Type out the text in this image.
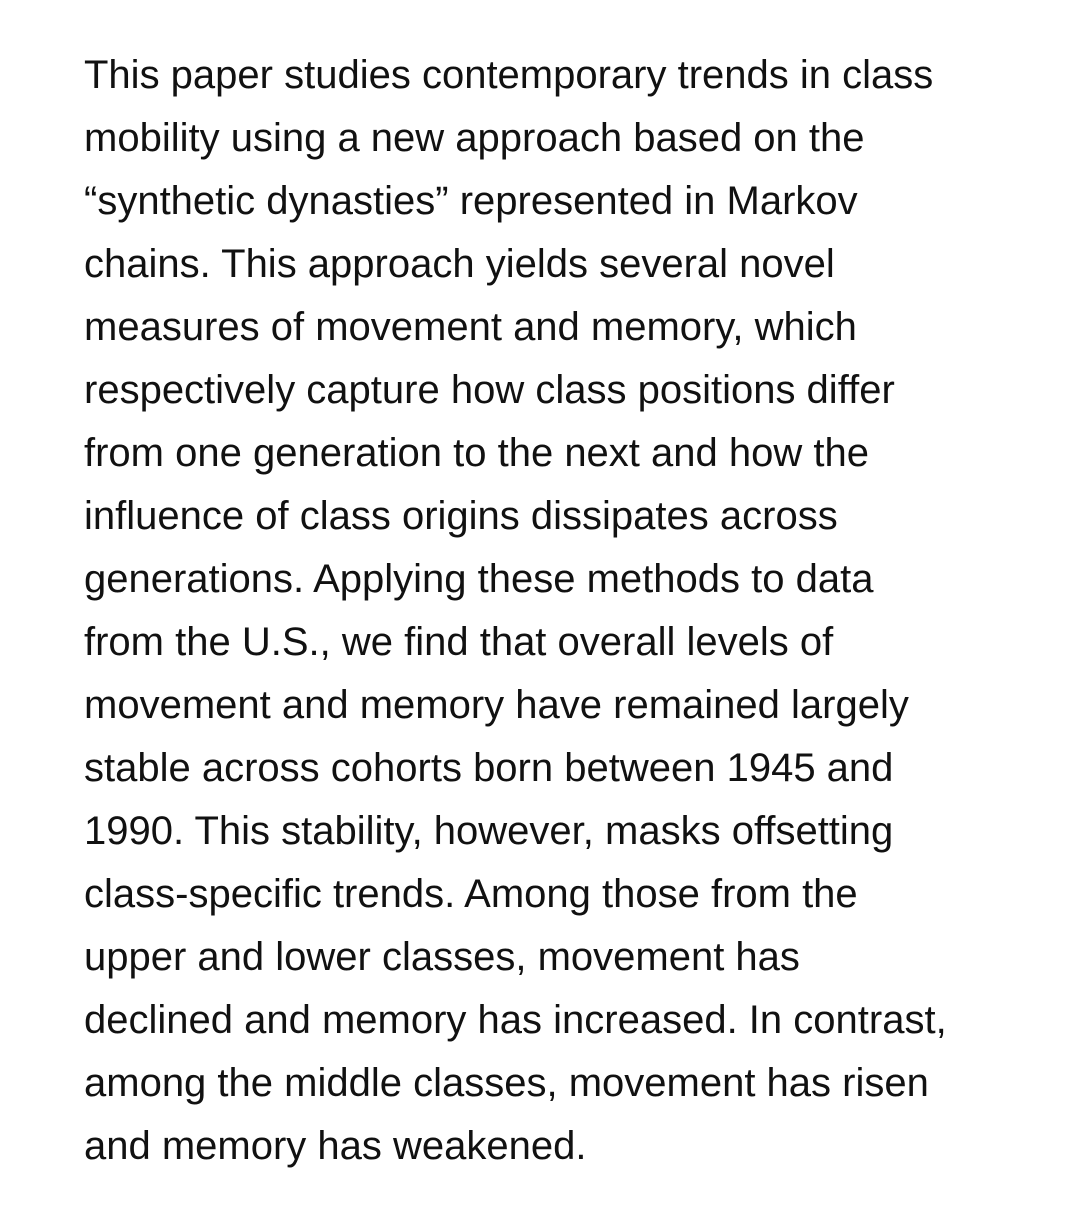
This paper studies contemporary trends in class
mobility using a new approach based on the
“synthetic dynasties” represented in Markov
chains. This approach yields several novel
measures of movement and memory, which
respectively capture how class positions differ
from one generation to the next and how the
influence of class origins dissipates across
generations. Applying these methods to data
from the U.S., we find that overall levels of
movement and memory have remained largely
stable across cohorts born between 1945 and
1990. This stability, however, masks offsetting
class-specific trends. Among those from the
upper and lower classes, movement has
declined and memory has increased. In contrast,
among the middle classes, movement has risen
and memory has weakened.
